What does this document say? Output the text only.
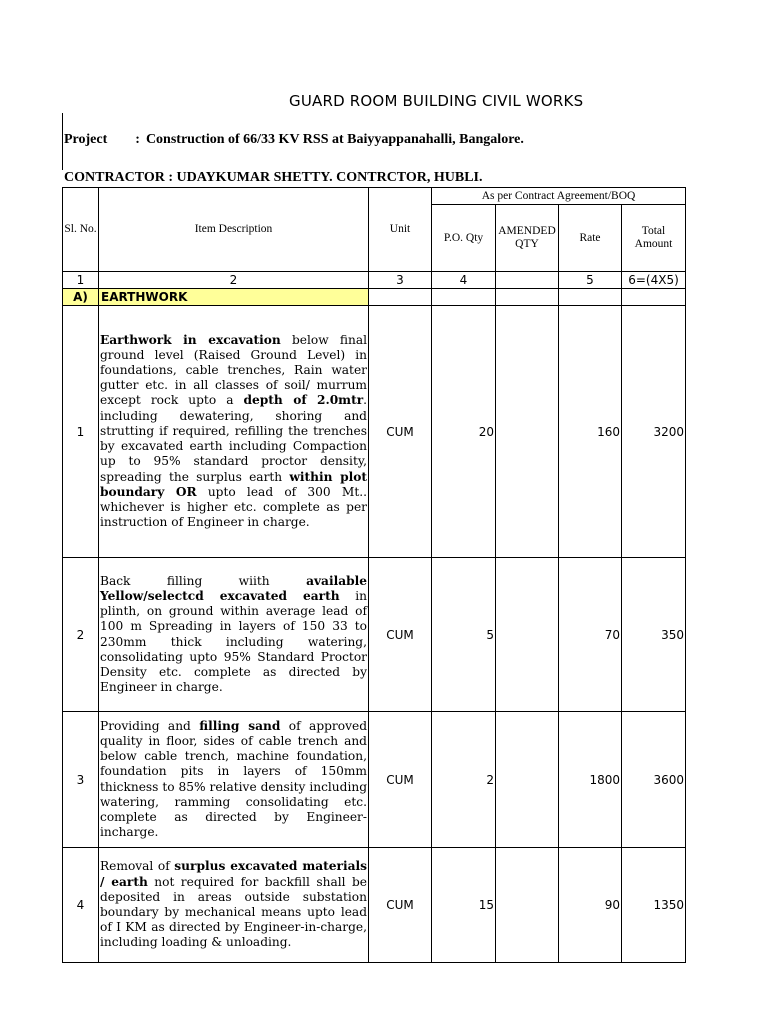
GUARD ROOM BUILDING CIVIL WORKS
Project : Construction of 66/33 KV RSS at Baiyyappanahalli, Bangalore.
CONTRACTOR : UDAYKUMAR SHETTY. CONTRCTOR, HUBLI.
Sl. No.	Item Description	Unit	As per Contract Agreement/BOQ			
			P.O. Qty	AMENDED QTY	Rate	Total Amount
1	2	3	4		5	6=(4X5)
A)	EARTHWORK					
1	Earthwork in excavation below final ground level (Raised Ground Level) in foundations, cable trenches, Rain water gutter etc. in all classes of soil/ murrum except rock upto a depth of 2.0mtr. including dewatering, shoring and strutting if required, refilling the trenches by excavated earth including Compaction up to 95% standard proctor density, spreading the surplus earth within plot boundary OR upto lead of 300 Mt.. whichever is higher etc. complete as per instruction of Engineer in charge.	CUM	20		160	3200
2	Back filling wiith available Yellow/selectcd excavated earth in plinth, on ground within average lead of 100 m Spreading in layers of 150 33 to 230mm thick including watering, consolidating upto 95% Standard Proctor Density etc. complete as directed by Engineer in charge.	CUM	5		70	350
3	Providing and filling sand of approved quality in floor, sides of cable trench and below cable trench, machine foundation, foundation pits in layers of 150mm thickness to 85% relative density including watering, ramming consolidating etc. complete as directed by Engineer-incharge.	CUM	2		1800	3600
4	Removal of surplus excavated materials / earth not required for backfill shall be deposited in areas outside substation boundary by mechanical means upto lead of I KM as directed by Engineer-in-charge, including loading & unloading.	CUM	15		90	1350
